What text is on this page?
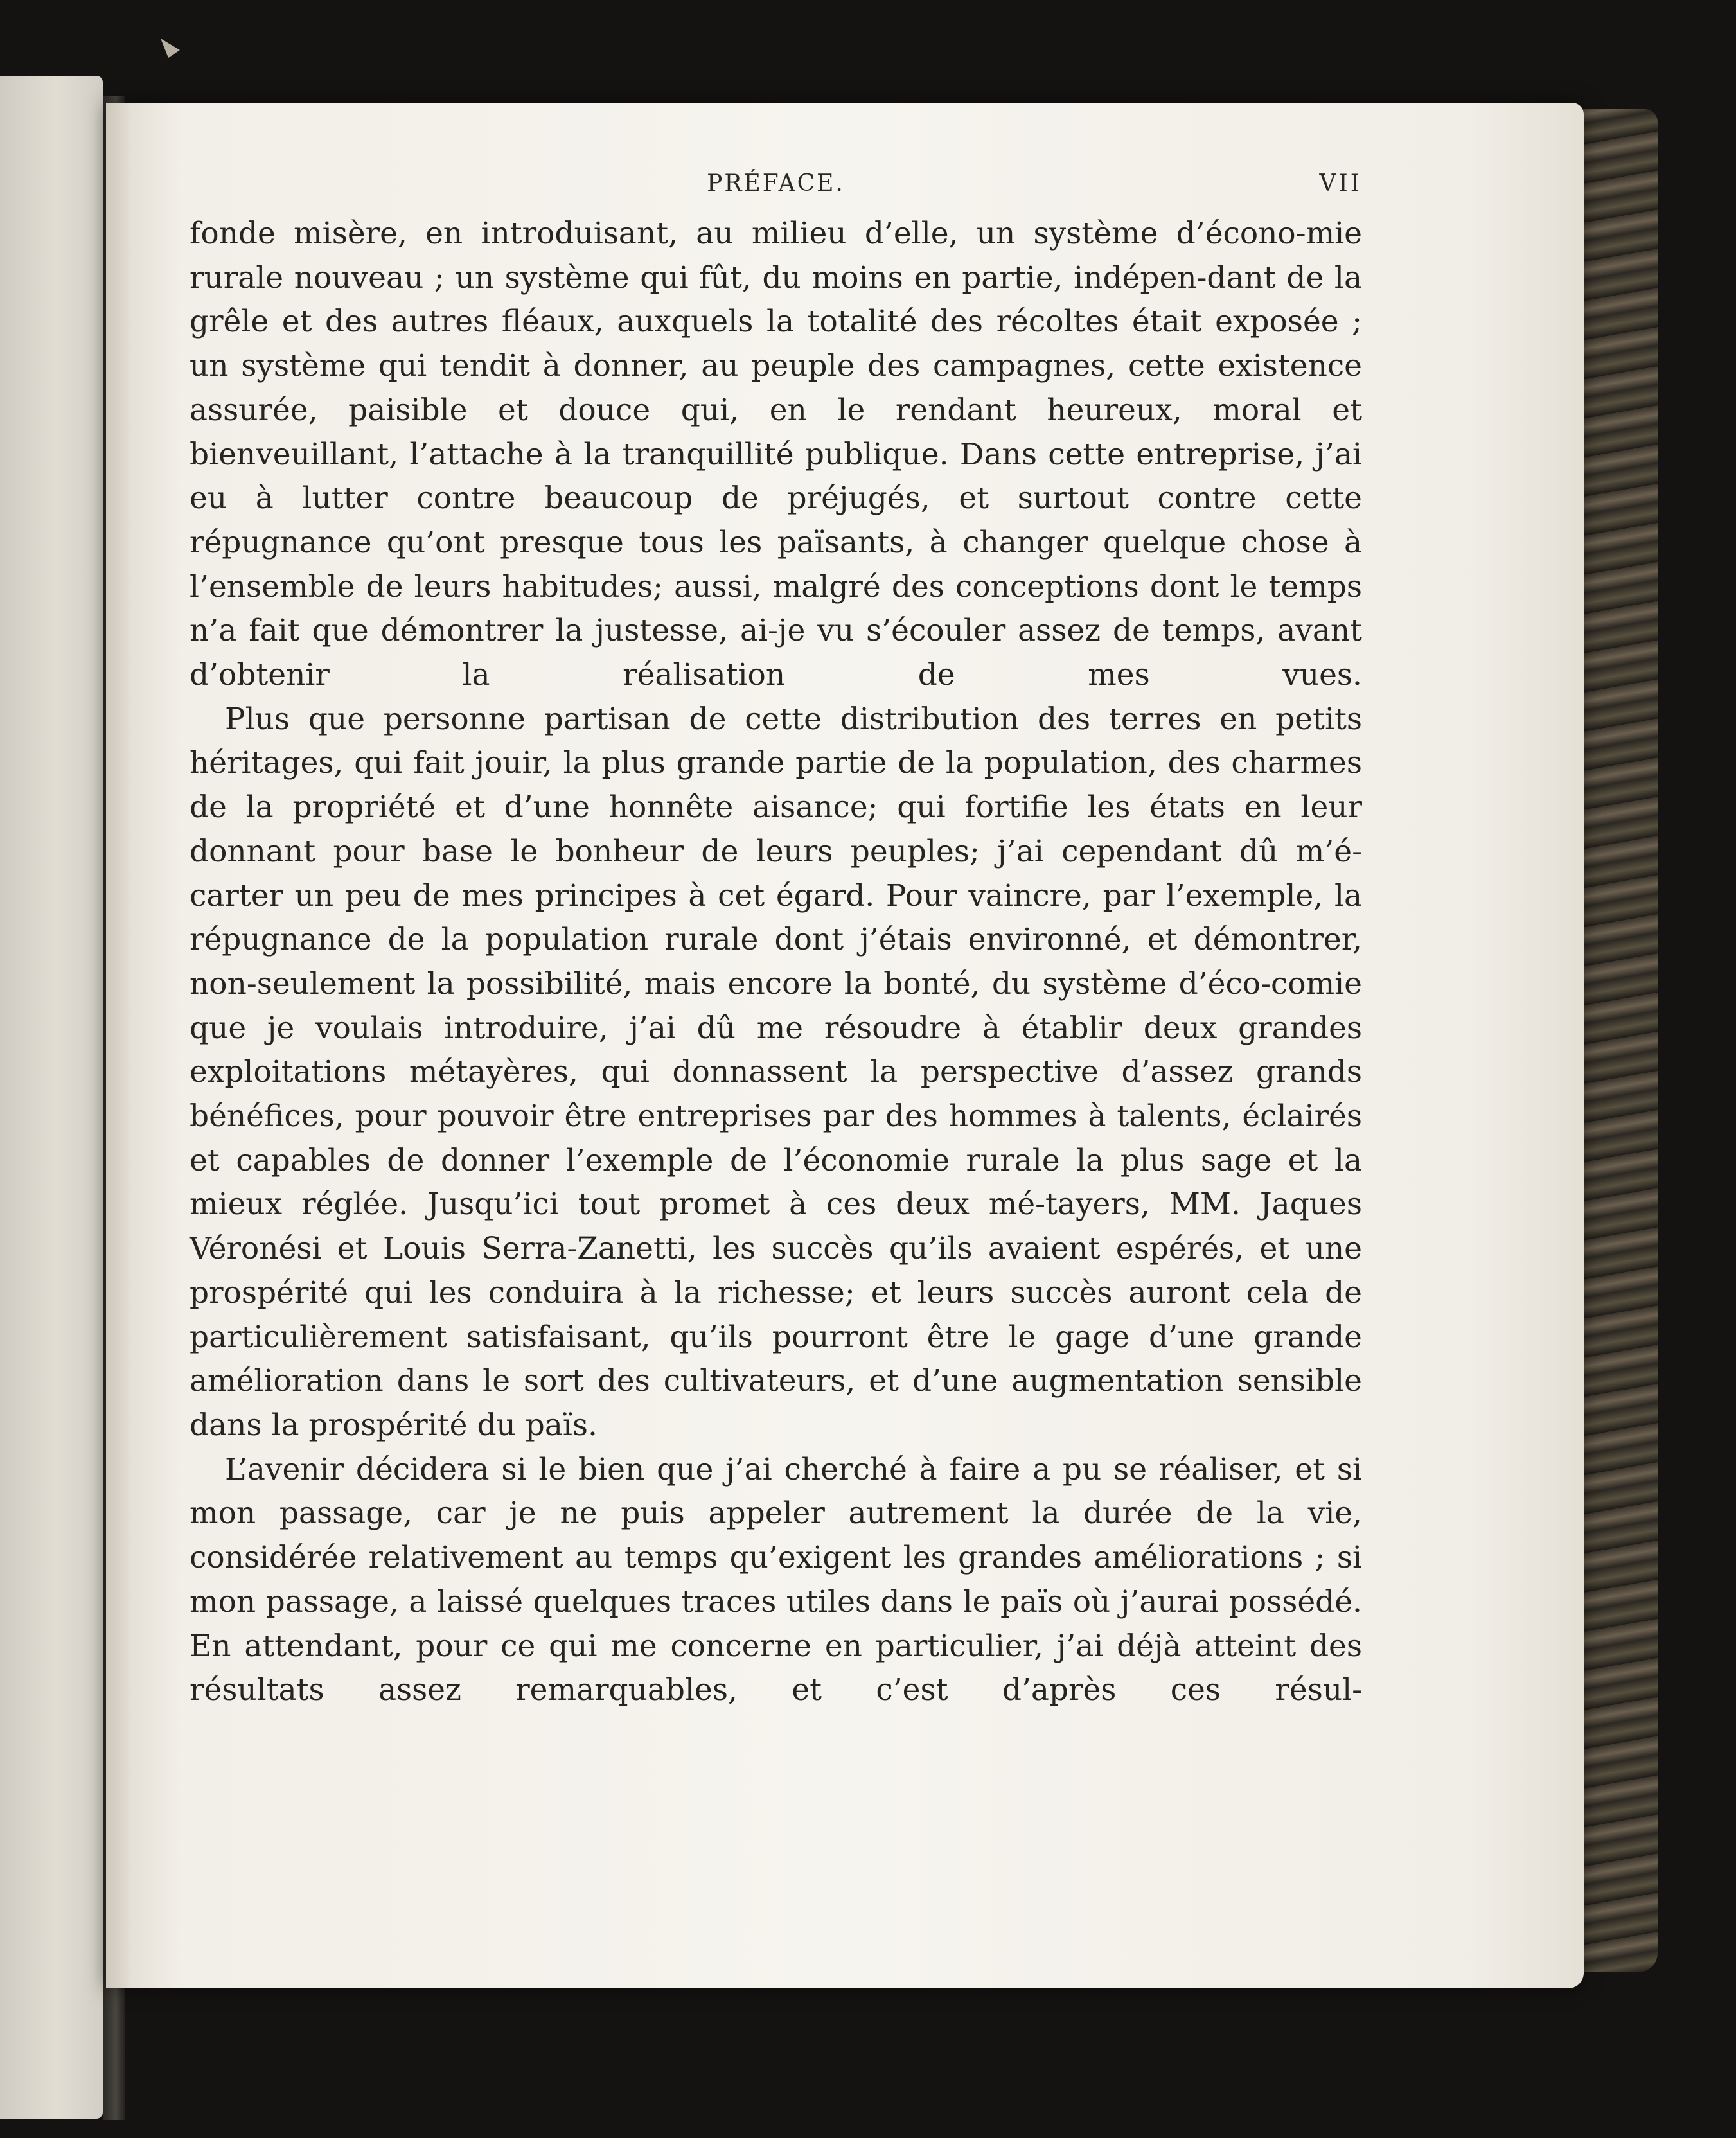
PRÉFACE.	VII

fonde misère, en introduisant, au milieu d’elle, un système d’écono-mie rurale nouveau ; un système qui fût, du moins en partie, indépen-dant de la grêle et des autres fléaux, auxquels la totalité des récoltes était exposée ; un système qui tendit à donner, au peuple des campagnes, cette existence assurée, paisible et douce qui, en le rendant heureux, moral et bienveuillant, l’attache à la tranquillité publique. Dans cette entreprise, j’ai eu à lutter contre beaucoup de préjugés, et surtout contre cette répugnance qu’ont presque tous les païsants, à changer quelque chose à l’ensemble de leurs habitudes; aussi, malgré des conceptions dont le temps n’a fait que démontrer la justesse, ai-je vu s’écouler assez de temps, avant d’obtenir la réalisation de mes vues.

Plus que personne partisan de cette distribution des terres en petits héritages, qui fait jouir, la plus grande partie de la population, des charmes de la propriété et d’une honnête aisance; qui fortifie les états en leur donnant pour base le bonheur de leurs peuples; j’ai cependant dû m’é-carter un peu de mes principes à cet égard. Pour vaincre, par l’exemple, la répugnance de la population rurale dont j’étais environné, et démontrer, non-seulement la possibilité, mais encore la bonté, du système d’éco-comie que je voulais introduire, j’ai dû me résoudre à établir deux grandes exploitations métayères, qui donnassent la perspective d’assez grands bénéfices, pour pouvoir être entreprises par des hommes à talents, éclairés et capables de donner l’exemple de l’économie rurale la plus sage et la mieux réglée. Jusqu’ici tout promet à ces deux mé-tayers, MM. Jaques Véronési et Louis Serra-Zanetti, les succès qu’ils avaient espérés, et une prospérité qui les conduira à la richesse; et leurs succès auront cela de particulièrement satisfaisant, qu’ils pourront être le gage d’une grande amélioration dans le sort des cultivateurs, et d’une augmentation sensible dans la prospérité du païs.

L’avenir décidera si le bien que j’ai cherché à faire a pu se réaliser, et si mon passage, car je ne puis appeler autrement la durée de la vie, considérée relativement au temps qu’exigent les grandes améliorations ; si mon passage, a laissé quelques traces utiles dans le païs où j’aurai possédé. En attendant, pour ce qui me concerne en particulier, j’ai déjà atteint des résultats assez remarquables, et c’est d’après ces résul-
